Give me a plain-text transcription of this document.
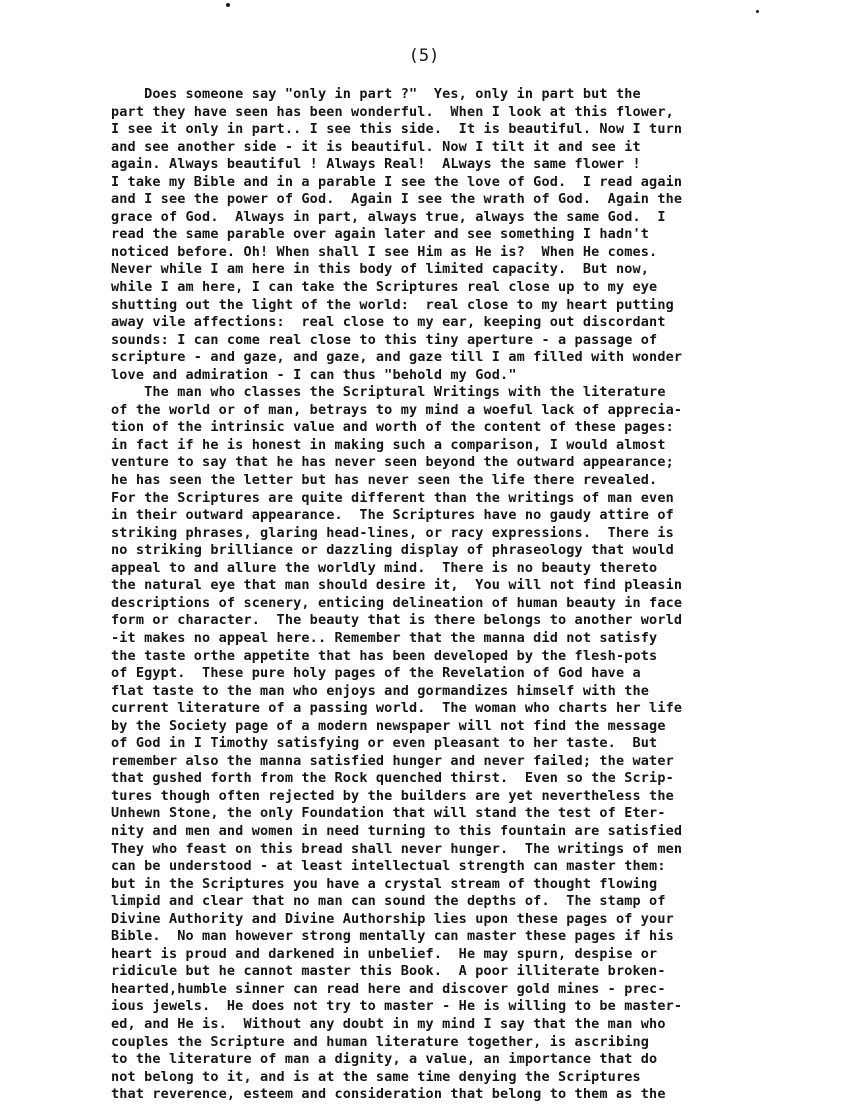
(5)
Does someone say "only in part ?"  Yes, only in part but the
part they have seen has been wonderful.  When I look at this flower,
I see it only in part.. I see this side.  It is beautiful. Now I turn
and see another side - it is beautiful. Now I tilt it and see it
again. Always beautiful ! Always Real!  ALways the same flower !
I take my Bible and in a parable I see the love of God.  I read again
and I see the power of God.  Again I see the wrath of God.  Again the
grace of God.  Always in part, always true, always the same God.  I
read the same parable over again later and see something I hadn't
noticed before. Oh! When shall I see Him as He is?  When He comes.
Never while I am here in this body of limited capacity.  But now,
while I am here, I can take the Scriptures real close up to my eye
shutting out the light of the world:  real close to my heart putting
away vile affections:  real close to my ear, keeping out discordant
sounds: I can come real close to this tiny aperture - a passage of
scripture - and gaze, and gaze, and gaze till I am filled with wonder
love and admiration - I can thus "behold my God."
The man who classes the Scriptural Writings with the literature
of the world or of man, betrays to my mind a woeful lack of apprecia-
tion of the intrinsic value and worth of the content of these pages:
in fact if he is honest in making such a comparison, I would almost
venture to say that he has never seen beyond the outward appearance;
he has seen the letter but has never seen the life there revealed.
For the Scriptures are quite different than the writings of man even
in their outward appearance.  The Scriptures have no gaudy attire of
striking phrases, glaring head-lines, or racy expressions.  There is
no striking brilliance or dazzling display of phraseology that would
appeal to and allure the worldly mind.  There is no beauty thereto
the natural eye that man should desire it,  You will not find pleasin
descriptions of scenery, enticing delineation of human beauty in face
form or character.  The beauty that is there belongs to another world
-it makes no appeal here.. Remember that the manna did not satisfy
the taste orthe appetite that has been developed by the flesh-pots
of Egypt.  These pure holy pages of the Revelation of God have a
flat taste to the man who enjoys and gormandizes himself with the
current literature of a passing world.  The woman who charts her life
by the Society page of a modern newspaper will not find the message
of God in I Timothy satisfying or even pleasant to her taste.  But
remember also the manna satisfied hunger and never failed; the water
that gushed forth from the Rock quenched thirst.  Even so the Scrip-
tures though often rejected by the builders are yet nevertheless the
Unhewn Stone, the only Foundation that will stand the test of Eter-
nity and men and women in need turning to this fountain are satisfied
They who feast on this bread shall never hunger.  The writings of men
can be understood - at least intellectual strength can master them:
but in the Scriptures you have a crystal stream of thought flowing
limpid and clear that no man can sound the depths of.  The stamp of
Divine Authority and Divine Authorship lies upon these pages of your
Bible.  No man however strong mentally can master these pages if his
heart is proud and darkened in unbelief.  He may spurn, despise or
ridicule but he cannot master this Book.  A poor illiterate broken-
hearted,humble sinner can read here and discover gold mines - prec-
ious jewels.  He does not try to master - He is willing to be master-
ed, and He is.  Without any doubt in my mind I say that the man who
couples the Scripture and human literature together, is ascribing
to the literature of man a dignity, a value, an importance that do
not belong to it, and is at the same time denying the Scriptures
that reverence, esteem and consideration that belong to them as the
